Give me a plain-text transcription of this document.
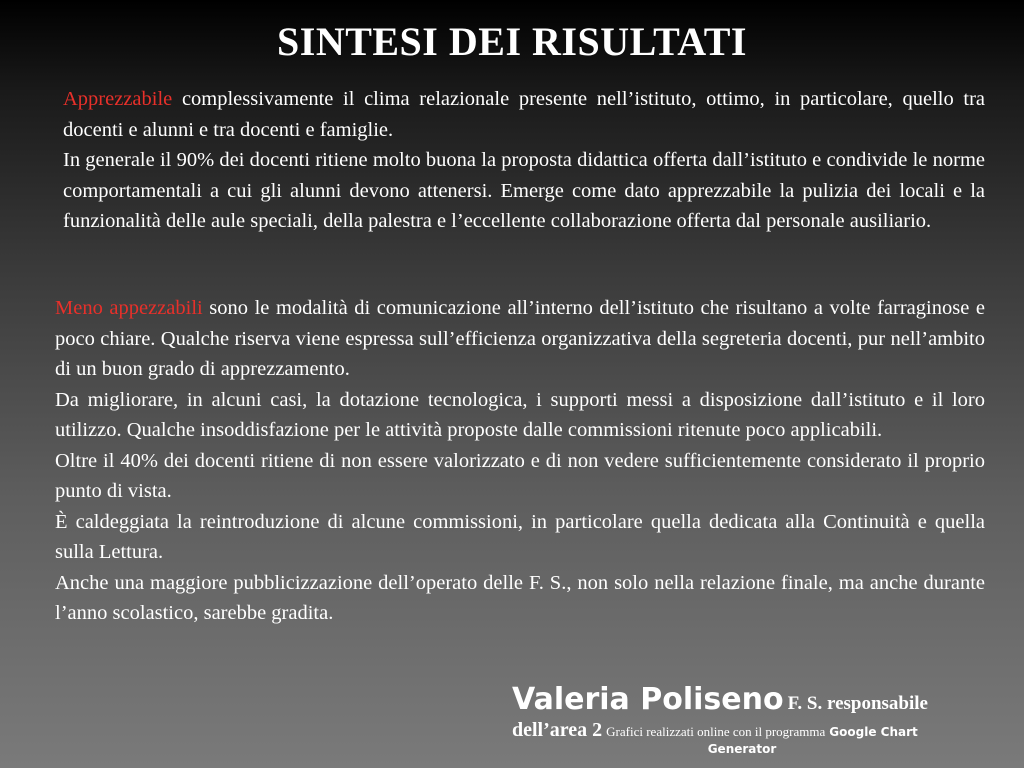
SINTESI DEI RISULTATI

Apprezzabile complessivamente il clima relazionale presente nell’istituto, ottimo, in particolare, quello tra docenti e alunni e tra docenti e famiglie.

In generale il 90% dei docenti ritiene molto buona la proposta didattica offerta dall’istituto e condivide le norme comportamentali a cui gli alunni devono attenersi. Emerge come dato apprezzabile la pulizia dei locali e la funzionalità delle aule speciali, della palestra e l’eccellente collaborazione offerta dal personale ausiliario.

Meno appezzabili sono le modalità di comunicazione all’interno dell’istituto che risultano a volte farraginose e poco chiare. Qualche riserva viene espressa sull’efficienza organizzativa della segreteria docenti, pur nell’ambito di un buon grado di apprezzamento.

Da migliorare, in alcuni casi, la dotazione tecnologica, i supporti messi a disposizione dall’istituto e il loro utilizzo. Qualche insoddisfazione per le attività proposte dalle commissioni ritenute poco applicabili.

Oltre il 40% dei docenti ritiene di non essere valorizzato e di non vedere sufficientemente considerato il proprio punto di vista.

È caldeggiata la reintroduzione di alcune commissioni, in particolare quella dedicata alla Continuità e quella sulla Lettura.

Anche una maggiore pubblicizzazione dell’operato delle F. S., non solo nella relazione finale, ma anche durante l’anno scolastico, sarebbe gradita.

Valeria Poliseno F. S. responsabile
dell’area 2 Grafici realizzati online con il programma Google Chart
Generator
